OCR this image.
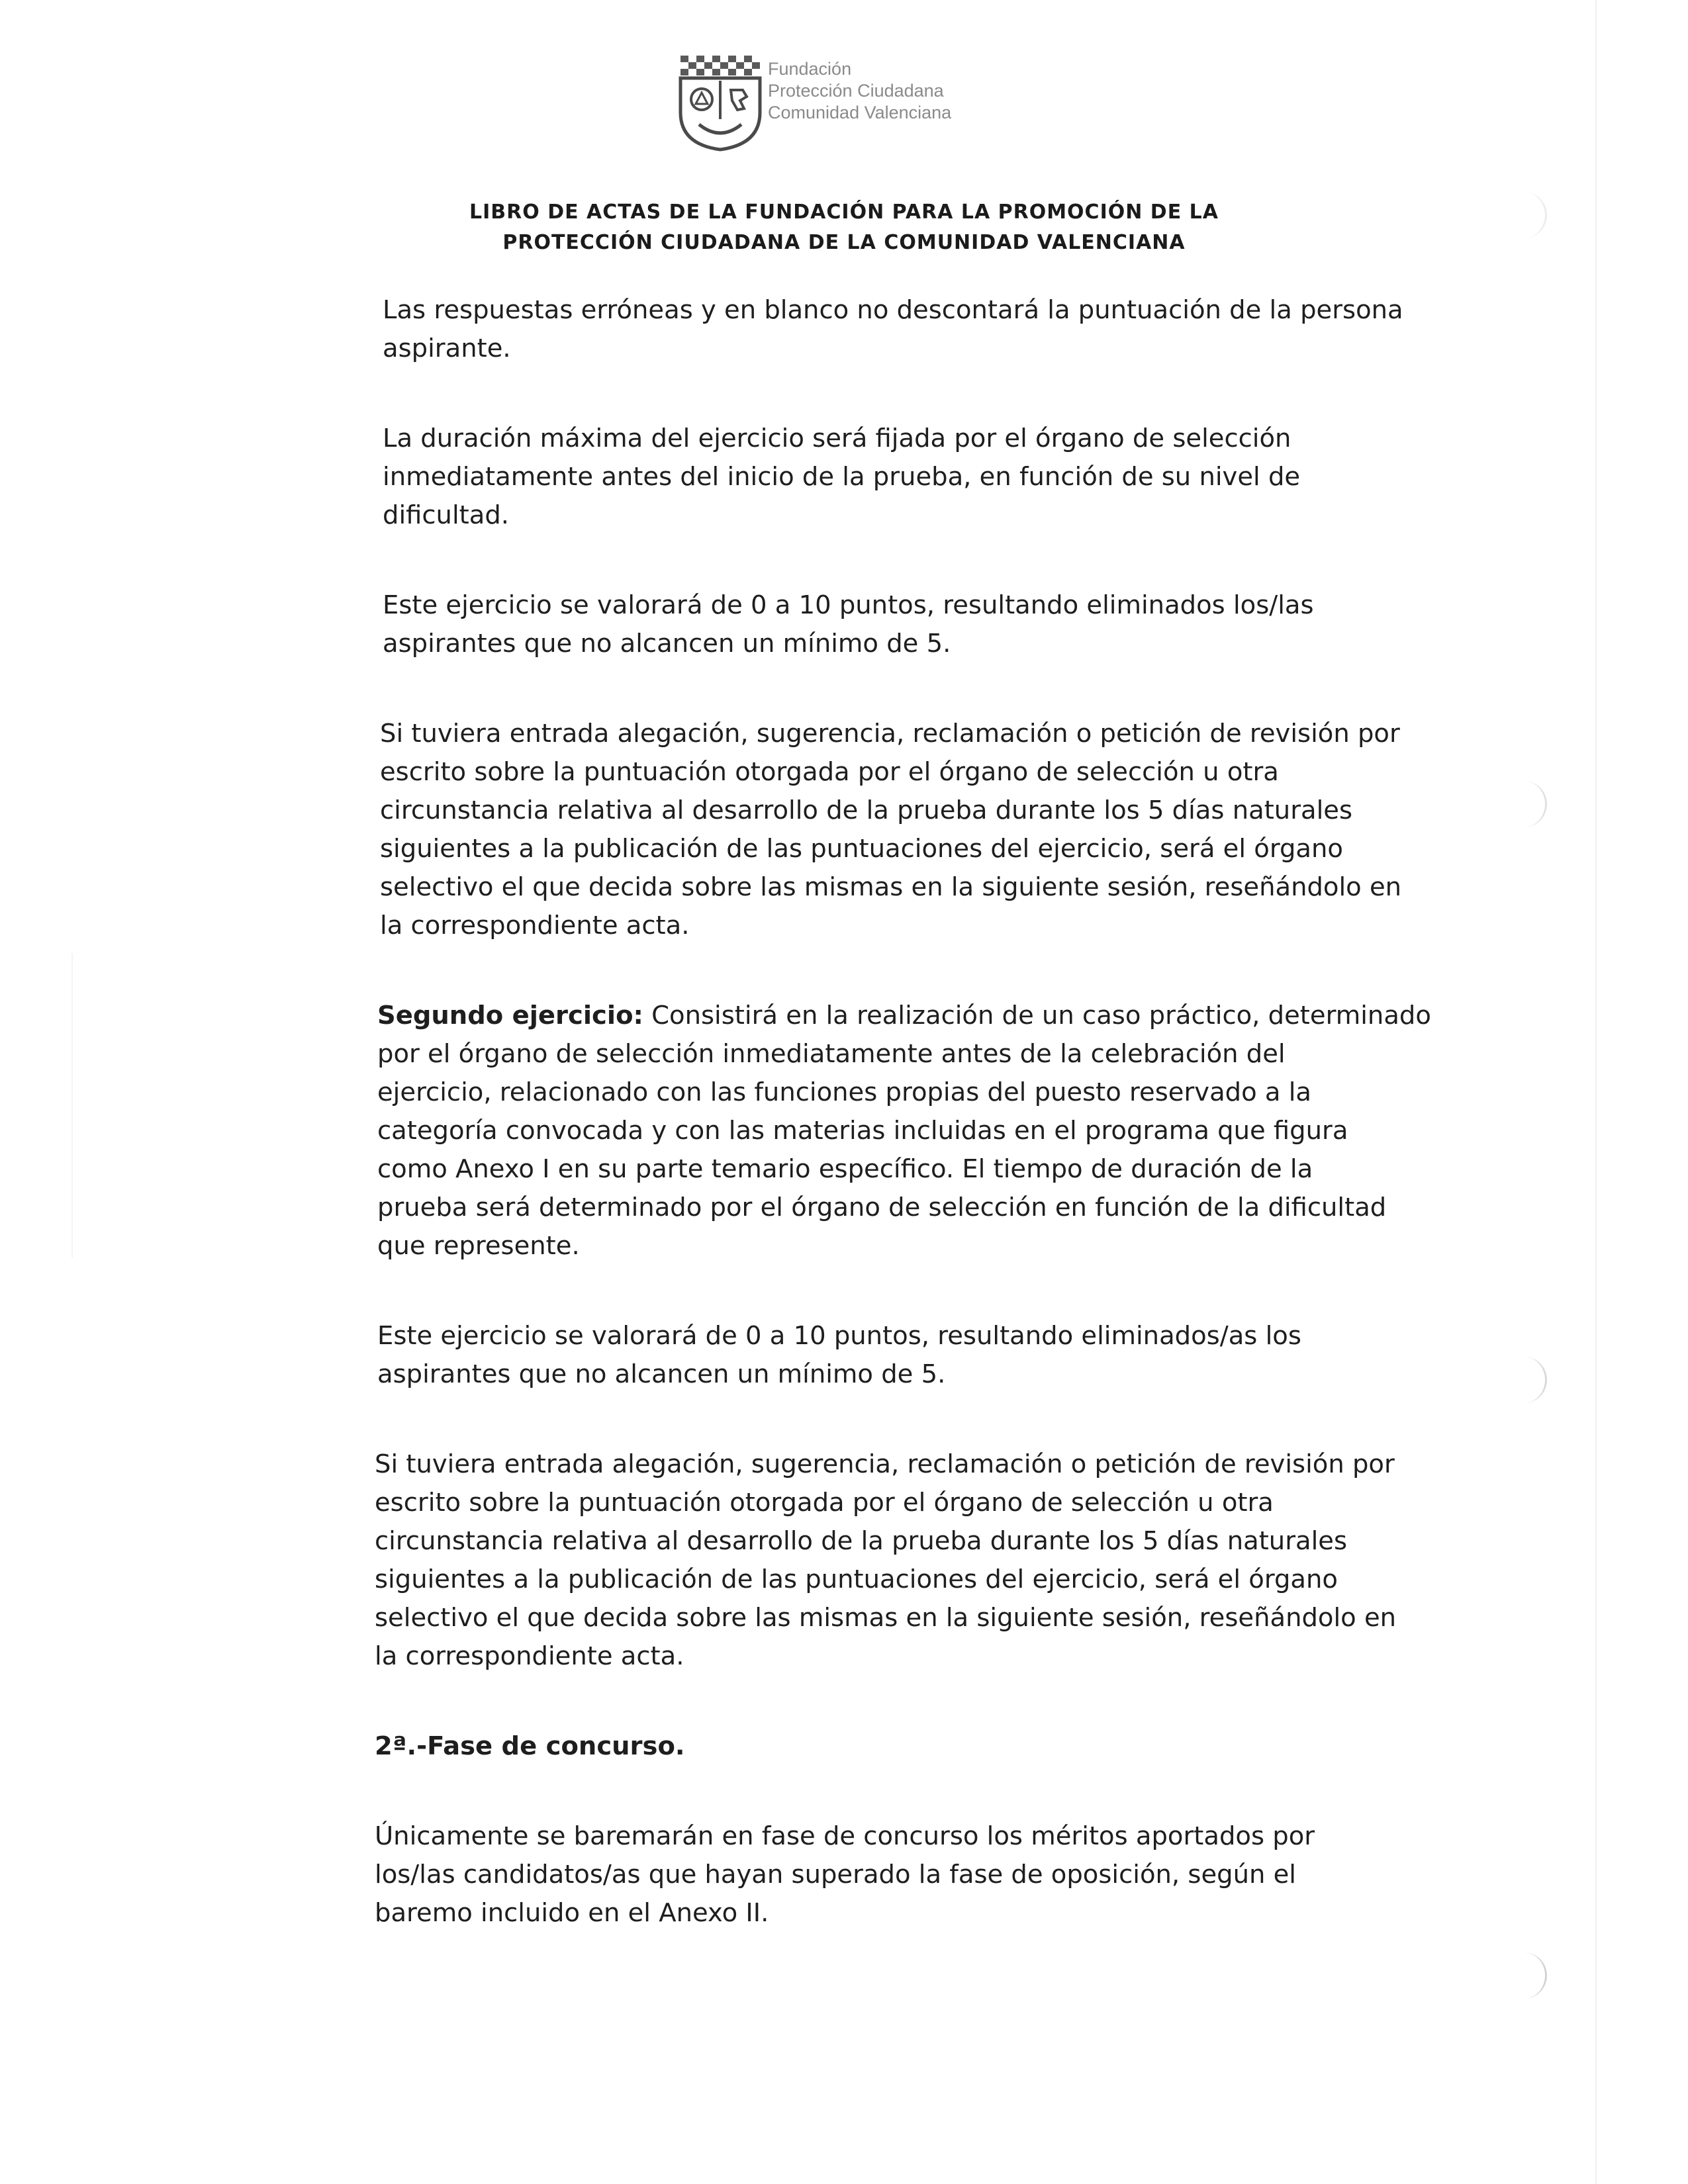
Fundación
Protección Ciudadana
Comunidad Valenciana
LIBRO DE ACTAS DE LA FUNDACIÓN PARA LA PROMOCIÓN DE LA
PROTECCIÓN CIUDADANA DE LA COMUNIDAD VALENCIANA
Las respuestas erróneas y en blanco no descontará la puntuación de la persona
aspirante.
La duración máxima del ejercicio será fijada por el órgano de selección
inmediatamente antes del inicio de la prueba, en función de su nivel de
dificultad.
Este ejercicio se valorará de 0 a 10 puntos, resultando eliminados los/las
aspirantes que no alcancen un mínimo de 5.
Si tuviera entrada alegación, sugerencia, reclamación o petición de revisión por
escrito sobre la puntuación otorgada por el órgano de selección u otra
circunstancia relativa al desarrollo de la prueba durante los 5 días naturales
siguientes a la publicación de las puntuaciones del ejercicio, será el órgano
selectivo el que decida sobre las mismas en la siguiente sesión, reseñándolo en
la correspondiente acta.
Segundo ejercicio: Consistirá en la realización de un caso práctico, determinado
por el órgano de selección inmediatamente antes de la celebración del
ejercicio, relacionado con las funciones propias del puesto reservado a la
categoría convocada y con las materias incluidas en el programa que figura
como Anexo I en su parte temario específico. El tiempo de duración de la
prueba será determinado por el órgano de selección en función de la dificultad
que represente.
Este ejercicio se valorará de 0 a 10 puntos, resultando eliminados/as los
aspirantes que no alcancen un mínimo de 5.
Si tuviera entrada alegación, sugerencia, reclamación o petición de revisión por
escrito sobre la puntuación otorgada por el órgano de selección u otra
circunstancia relativa al desarrollo de la prueba durante los 5 días naturales
siguientes a la publicación de las puntuaciones del ejercicio, será el órgano
selectivo el que decida sobre las mismas en la siguiente sesión, reseñándolo en
la correspondiente acta.
2ª.-Fase de concurso.
Únicamente se baremarán en fase de concurso los méritos aportados por
los/las candidatos/as que hayan superado la fase de oposición, según el
baremo incluido en el Anexo II.
